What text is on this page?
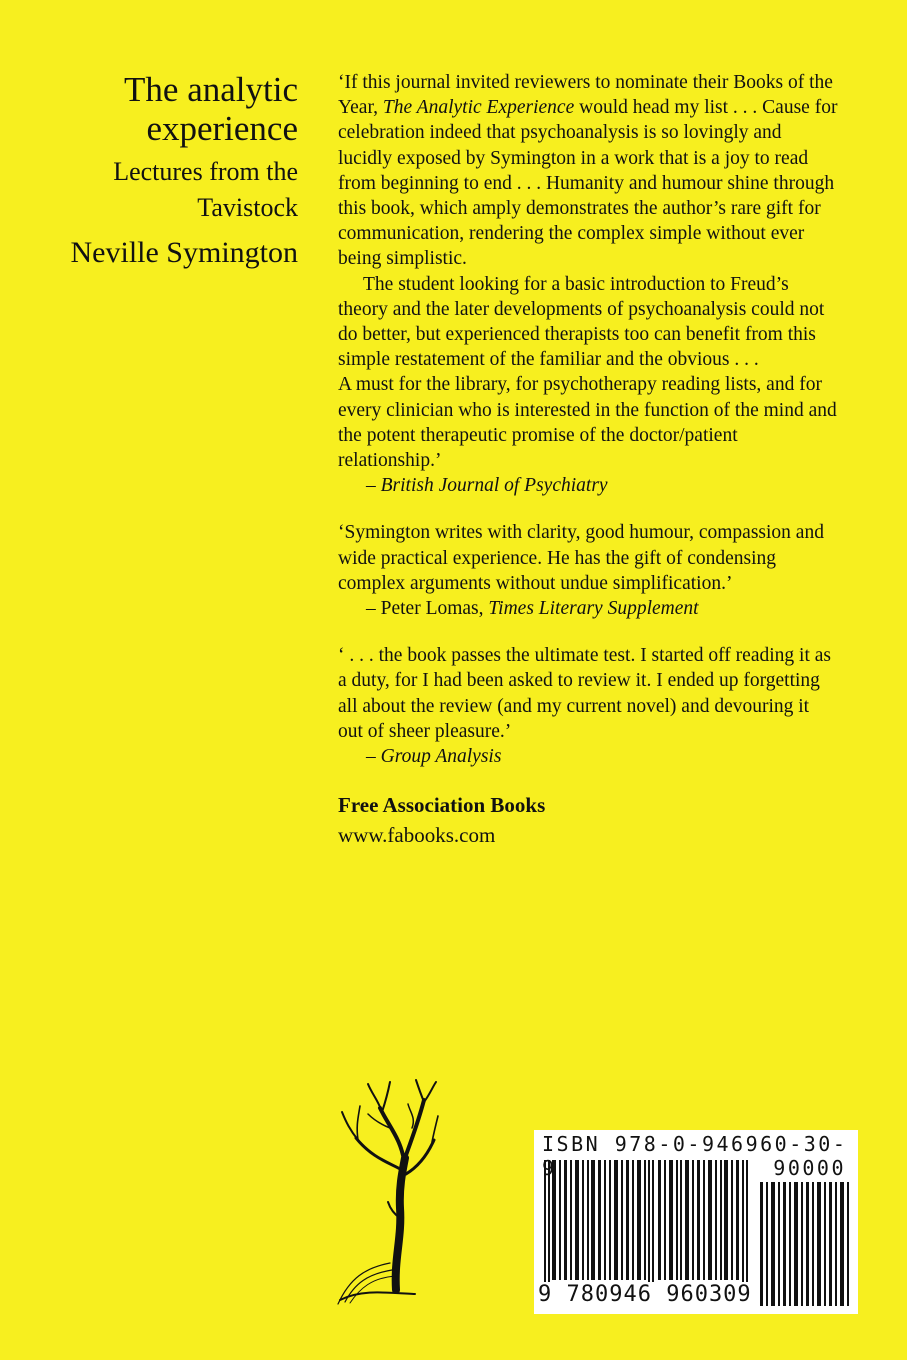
The analytic experience

Lectures from the Tavistock

Neville Symington

‘If this journal invited reviewers to nominate their Books of the Year, The Analytic Experience would head my list . . . Cause for celebration indeed that psychoanalysis is so lovingly and lucidly exposed by Symington in a work that is a joy to read from beginning to end . . . Humanity and humour shine through this book, which amply demonstrates the author’s rare gift for communication, rendering the complex simple without ever being simplistic.

The student looking for a basic introduction to Freud’s theory and the later developments of psychoanalysis could not do better, but experienced therapists too can benefit from this simple restatement of the familiar and the obvious . . .

A must for the library, for psychotherapy reading lists, and for every clinician who is interested in the function of the mind and the potent therapeutic promise of the doctor/patient relationship.’

– British Journal of Psychiatry

‘Symington writes with clarity, good humour, compassion and wide practical experience. He has the gift of condensing complex arguments without undue simplification.’

– Peter Lomas, Times Literary Supplement

‘ . . . the book passes the ultimate test. I started off reading it as a duty, for I had been asked to review it. I ended up forgetting all about the review (and my current novel) and devouring it out of sheer pleasure.’

– Group Analysis

Free Association Books

www.fabooks.com

ISBN 978-0-946960-30-9	90000
9 780946 960309
